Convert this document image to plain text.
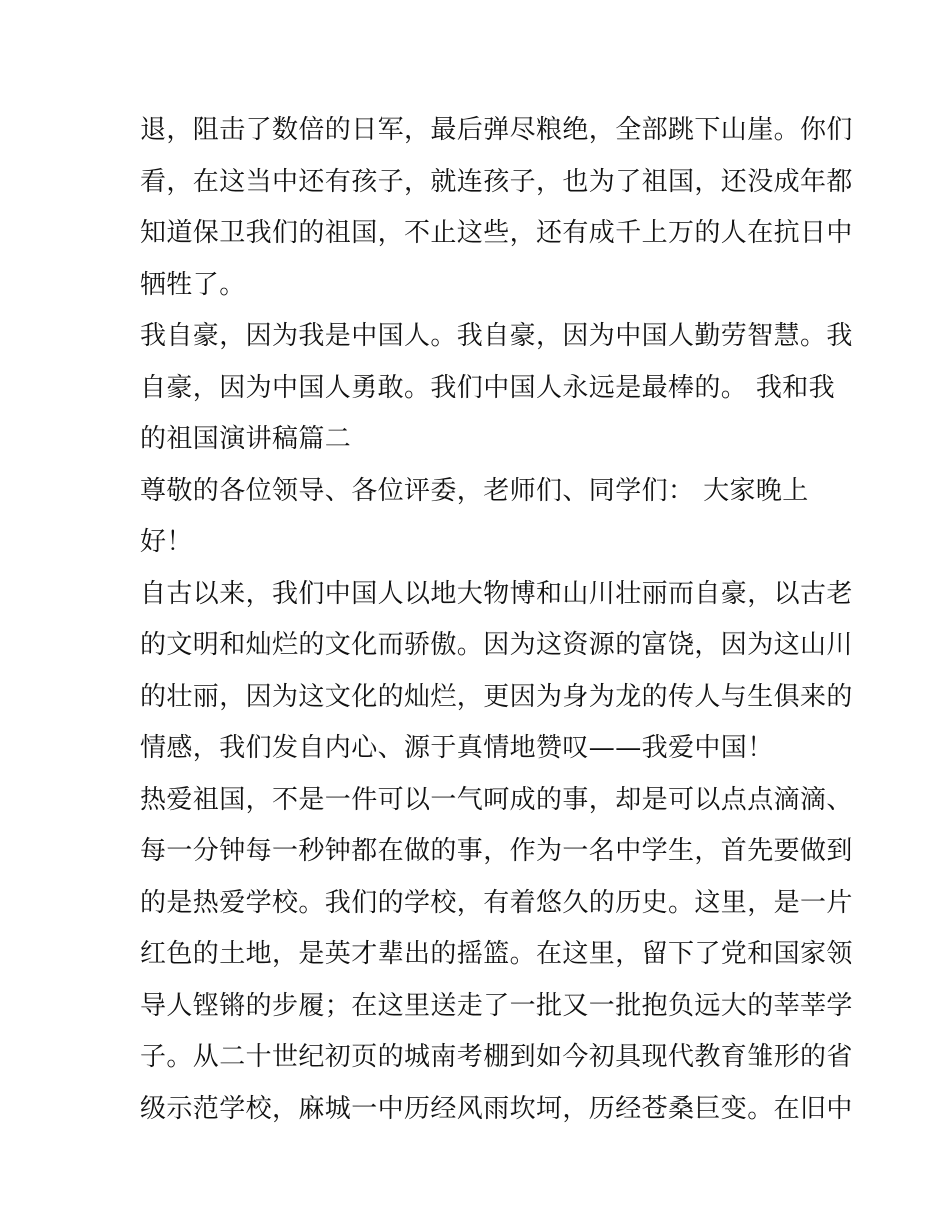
退，阻击了数倍的日军，最后弹尽粮绝，全部跳下山崖。你们
看，在这当中还有孩子，就连孩子，也为了祖国，还没成年都
知道保卫我们的祖国，不止这些，还有成千上万的人在抗日中
牺牲了。
我自豪，因为我是中国人。我自豪，因为中国人勤劳智慧。我
自豪，因为中国人勇敢。我们中国人永远是最棒的。 我和我
的祖国演讲稿篇二
尊敬的各位领导、各位评委，老师们、同学们： 大家晚上
好！
自古以来，我们中国人以地大物博和山川壮丽而自豪，以古老
的文明和灿烂的文化而骄傲。因为这资源的富饶，因为这山川
的壮丽，因为这文化的灿烂，更因为身为龙的传人与生俱来的
情感，我们发自内心、源于真情地赞叹——我爱中国！
热爱祖国，不是一件可以一气呵成的事，却是可以点点滴滴、
每一分钟每一秒钟都在做的事，作为一名中学生，首先要做到
的是热爱学校。我们的学校，有着悠久的历史。这里，是一片
红色的土地，是英才辈出的摇篮。在这里，留下了党和国家领
导人铿锵的步履；在这里送走了一批又一批抱负远大的莘莘学
子。从二十世纪初页的城南考棚到如今初具现代教育雏形的省
级示范学校，麻城一中历经风雨坎坷，历经苍桑巨变。在旧中
